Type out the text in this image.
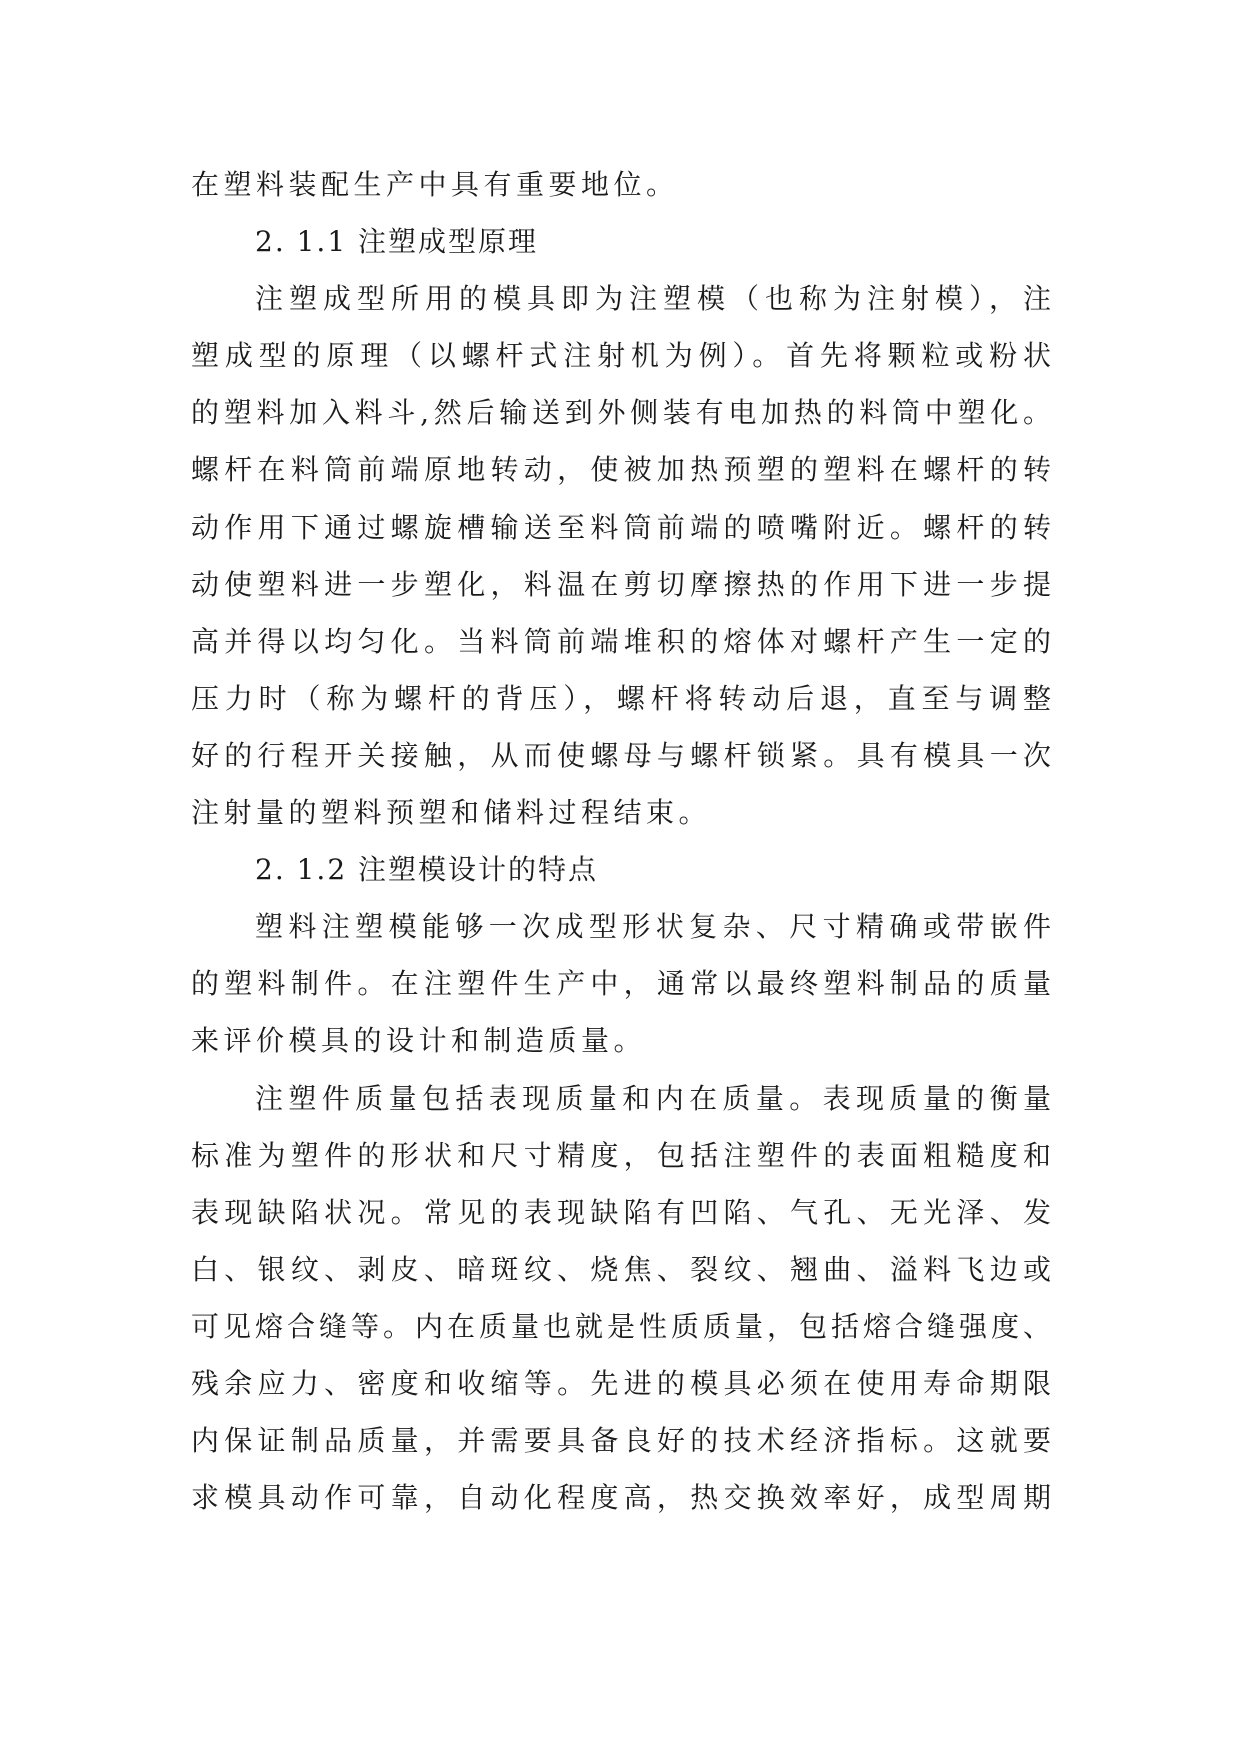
在塑料装配生产中具有重要地位。
2. 1.1 注塑成型原理
注塑成型所用的模具即为注塑模（也称为注射模），注
塑成型的原理（以螺杆式注射机为例）。首先将颗粒或粉状
的塑料加入料斗,然后输送到外侧装有电加热的料筒中塑化。
螺杆在料筒前端原地转动，使被加热预塑的塑料在螺杆的转
动作用下通过螺旋槽输送至料筒前端的喷嘴附近。螺杆的转
动使塑料进一步塑化，料温在剪切摩擦热的作用下进一步提
高并得以均匀化。当料筒前端堆积的熔体对螺杆产生一定的
压力时（称为螺杆的背压），螺杆将转动后退，直至与调整
好的行程开关接触，从而使螺母与螺杆锁紧。具有模具一次
注射量的塑料预塑和储料过程结束。
2. 1.2 注塑模设计的特点
塑料注塑模能够一次成型形状复杂、尺寸精确或带嵌件
的塑料制件。在注塑件生产中，通常以最终塑料制品的质量
来评价模具的设计和制造质量。
注塑件质量包括表现质量和内在质量。表现质量的衡量
标准为塑件的形状和尺寸精度，包括注塑件的表面粗糙度和
表现缺陷状况。常见的表现缺陷有凹陷、气孔、无光泽、发
白、银纹、剥皮、暗斑纹、烧焦、裂纹、翘曲、溢料飞边或
可见熔合缝等。内在质量也就是性质质量，包括熔合缝强度、
残余应力、密度和收缩等。先进的模具必须在使用寿命期限
内保证制品质量，并需要具备良好的技术经济指标。这就要
求模具动作可靠，自动化程度高，热交换效率好，成型周期
